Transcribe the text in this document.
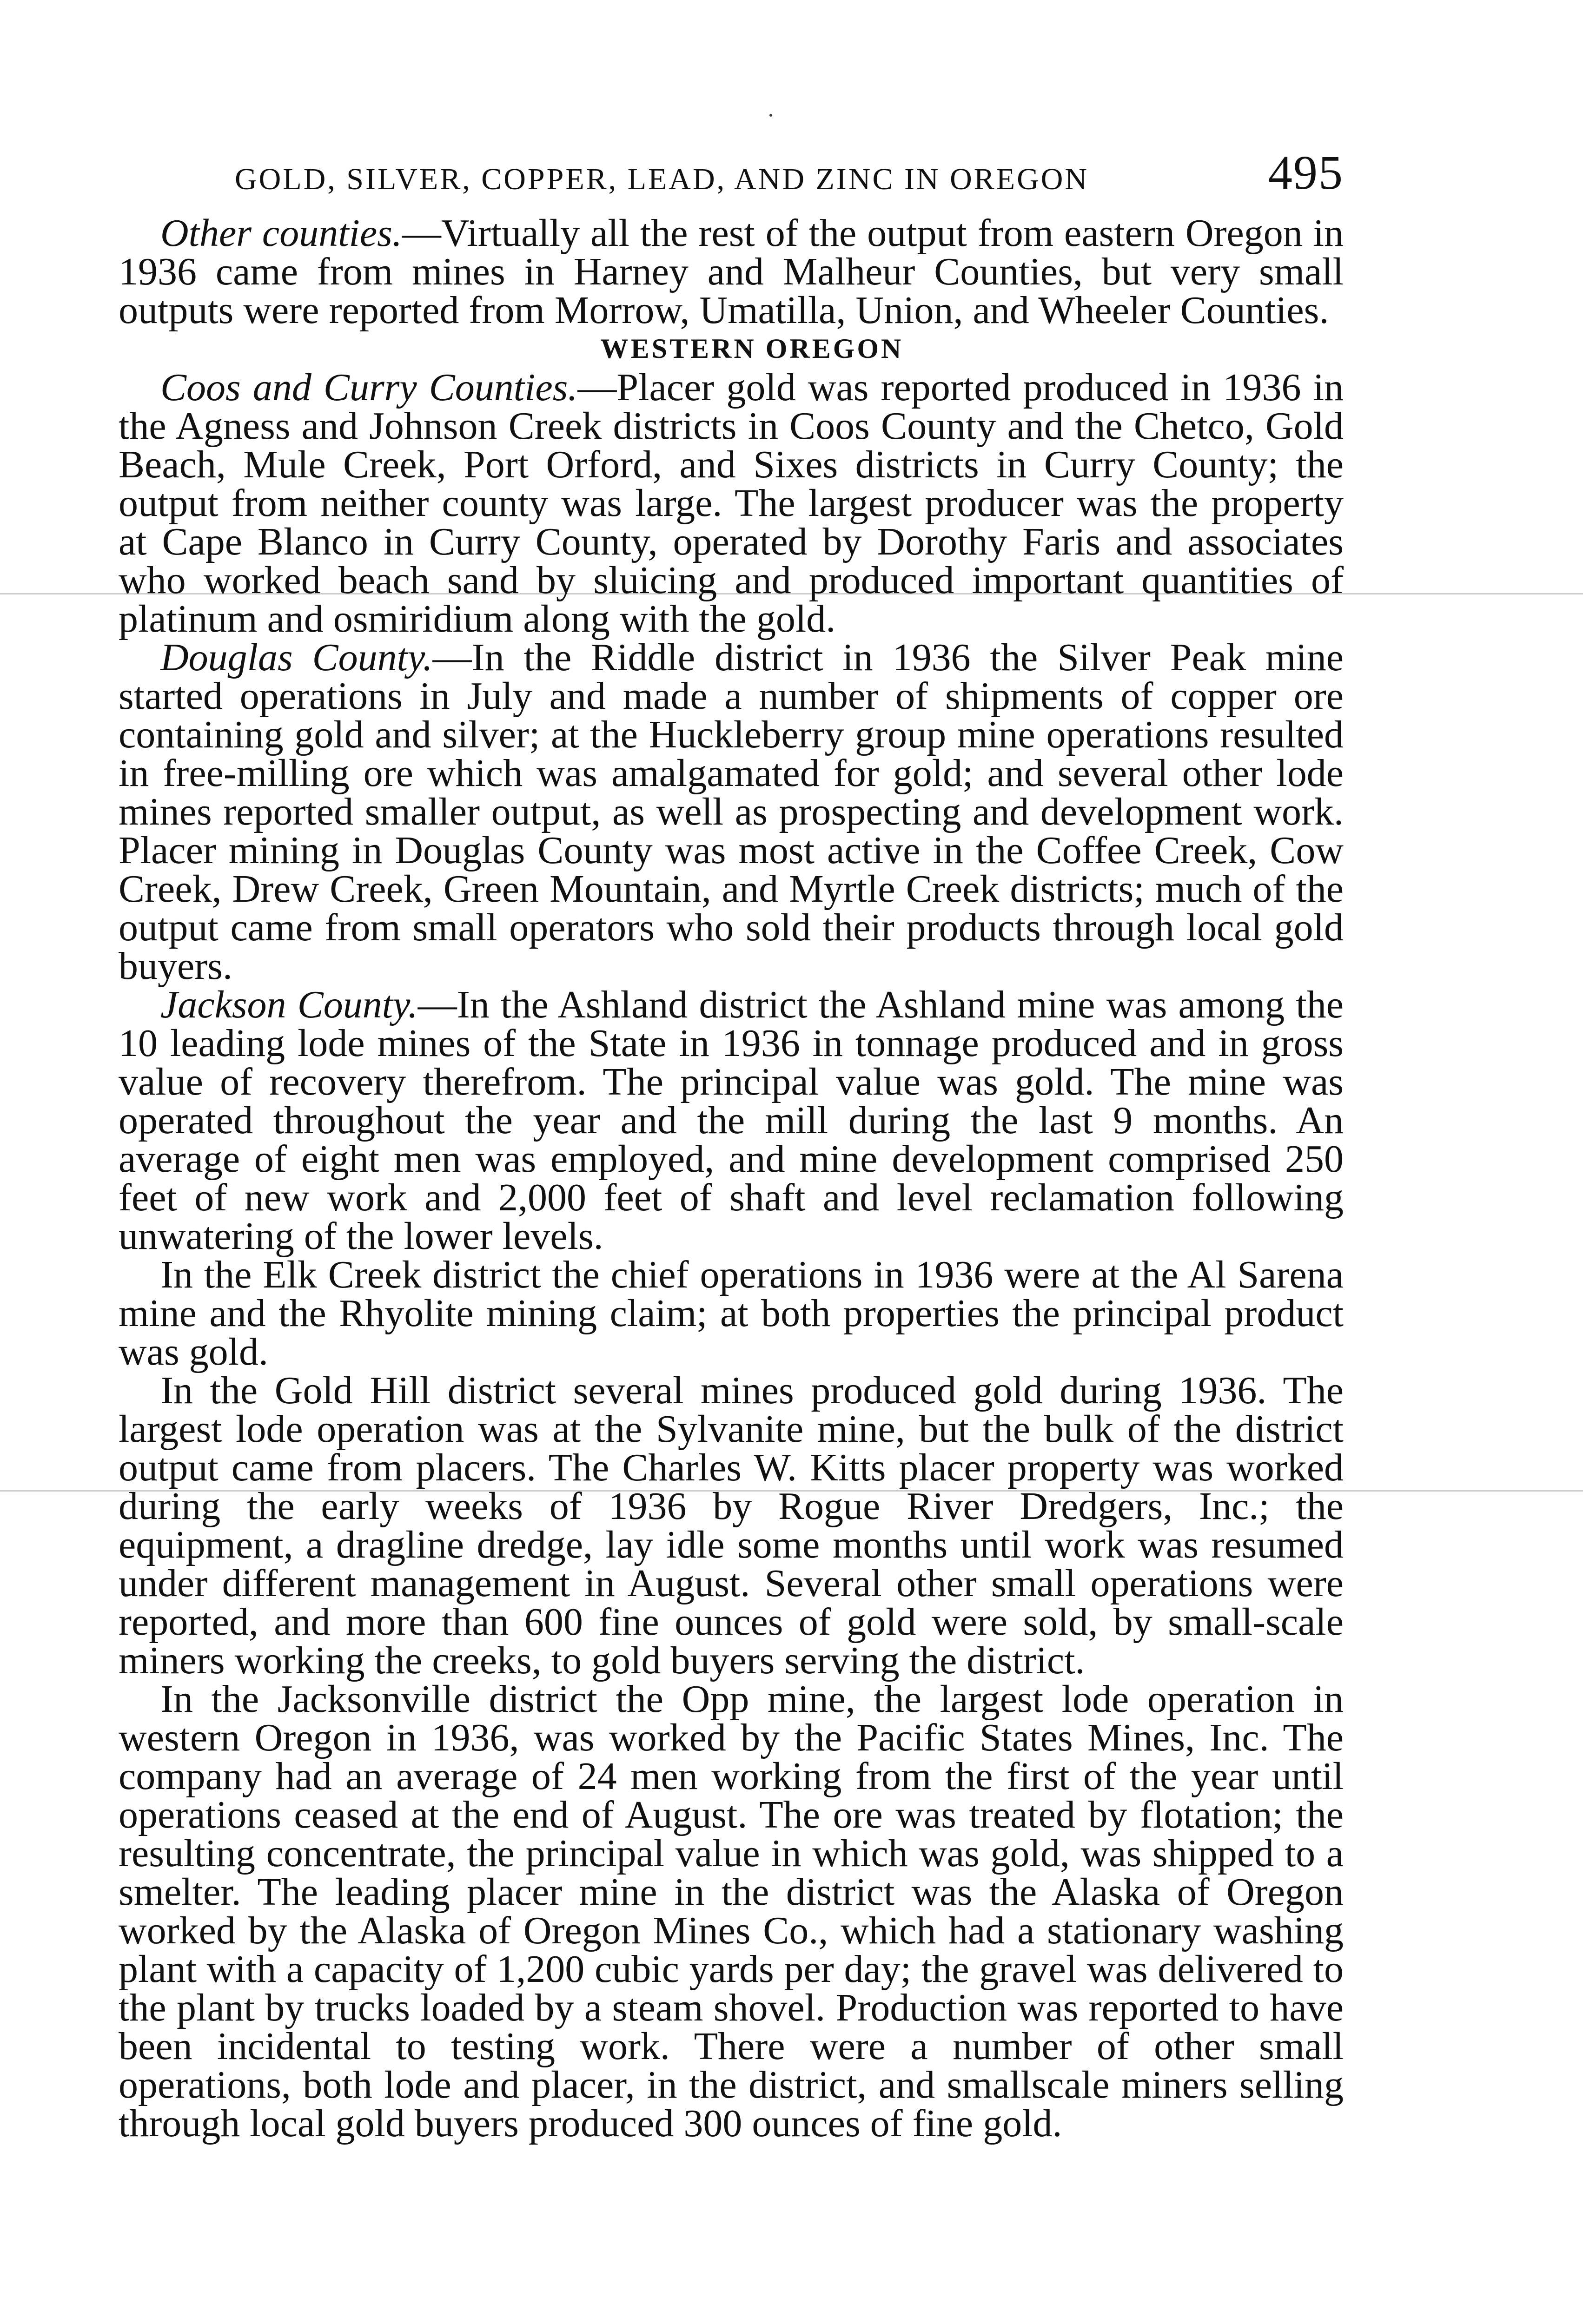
GOLD, SILVER, COPPER, LEAD, AND ZINC IN OREGON	495

Other counties.—Virtually all the rest of the output from eastern Oregon in 1936 came from mines in Harney and Malheur Counties, but very small outputs were reported from Morrow, Umatilla, Union, and Wheeler Counties.

WESTERN OREGON

Coos and Curry Counties.—Placer gold was reported produced in 1936 in the Agness and Johnson Creek districts in Coos County and the Chetco, Gold Beach, Mule Creek, Port Orford, and Sixes districts in Curry County; the output from neither county was large. The largest producer was the property at Cape Blanco in Curry County, operated by Dorothy Faris and associates who worked beach sand by sluicing and produced important quantities of platinum and osmiridium along with the gold.

Douglas County.—In the Riddle district in 1936 the Silver Peak mine started operations in July and made a number of shipments of copper ore containing gold and silver; at the Huckleberry group mine operations resulted in free-milling ore which was amalgamated for gold; and several other lode mines reported smaller output, as well as prospecting and development work. Placer mining in Douglas County was most active in the Coffee Creek, Cow Creek, Drew Creek, Green Mountain, and Myrtle Creek districts; much of the output came from small operators who sold their products through local gold buyers.

Jackson County.—In the Ashland district the Ashland mine was among the 10 leading lode mines of the State in 1936 in tonnage produced and in gross value of recovery therefrom. The principal value was gold. The mine was operated throughout the year and the mill during the last 9 months. An average of eight men was employed, and mine development comprised 250 feet of new work and 2,000 feet of shaft and level reclamation following unwatering of the lower levels.

In the Elk Creek district the chief operations in 1936 were at the Al Sarena mine and the Rhyolite mining claim; at both properties the principal product was gold.

In the Gold Hill district several mines produced gold during 1936. The largest lode operation was at the Sylvanite mine, but the bulk of the district output came from placers. The Charles W. Kitts placer property was worked during the early weeks of 1936 by Rogue River Dredgers, Inc.; the equipment, a dragline dredge, lay idle some months until work was resumed under different management in August. Several other small operations were reported, and more than 600 fine ounces of gold were sold, by small-scale miners working the creeks, to gold buyers serving the district.

In the Jacksonville district the Opp mine, the largest lode operation in western Oregon in 1936, was worked by the Pacific States Mines, Inc. The company had an average of 24 men working from the first of the year until operations ceased at the end of August. The ore was treated by flotation; the resulting concentrate, the principal value in which was gold, was shipped to a smelter. The leading placer mine in the district was the Alaska of Oregon worked by the Alaska of Oregon Mines Co., which had a stationary washing plant with a capacity of 1,200 cubic yards per day; the gravel was delivered to the plant by trucks loaded by a steam shovel. Production was reported to have been incidental to testing work. There were a number of other small operations, both lode and placer, in the district, and smallscale miners selling through local gold buyers produced 300 ounces of fine gold.
